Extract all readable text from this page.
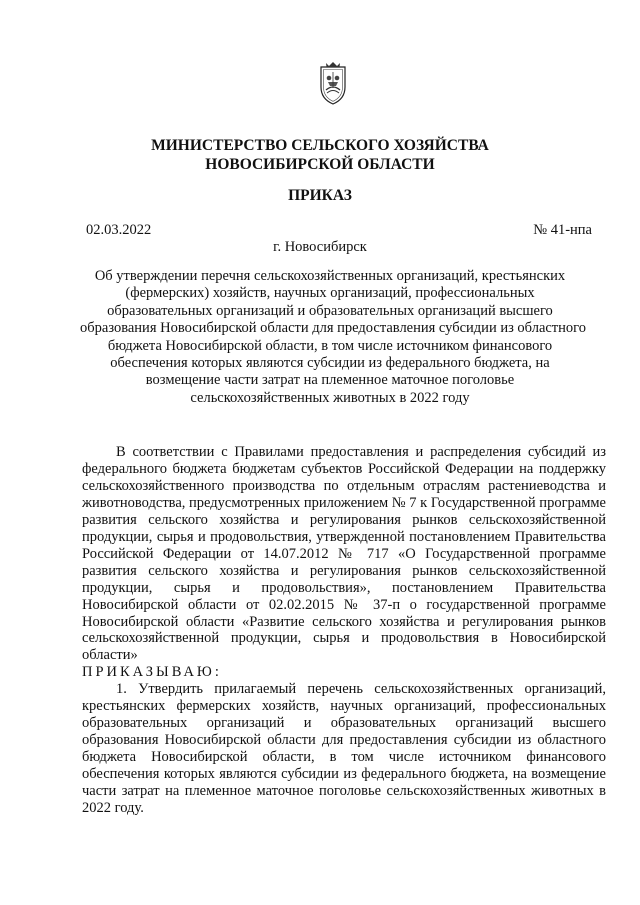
МИНИСТЕРСТВО СЕЛЬСКОГО ХОЗЯЙСТВА
НОВОСИБИРСКОЙ ОБЛАСТИ
ПРИКАЗ
02.03.2022	№ 41-нпа
г. Новосибирск
Об утверждении перечня сельскохозяйственных организаций, крестьянских
(фермерских) хозяйств, научных организаций, профессиональных
образовательных организаций и образовательных организаций высшего
образования Новосибирской области для предоставления субсидии из областного
бюджета Новосибирской области, в том числе источником финансового
обеспечения которых являются субсидии из федерального бюджета, на
возмещение части затрат на племенное маточное поголовье
сельскохозяйственных животных в 2022 году

В соответствии с Правилами предоставления и распределения субсидий из федерального бюджета бюджетам субъектов Российской Федерации на поддержку сельскохозяйственного производства по отдельным отраслям растениеводства и животноводства, предусмотренных приложением № 7 к Государственной программе развития сельского хозяйства и регулирования рынков сельскохозяйственной продукции, сырья и продовольствия, утвержденной постановлением Правительства Российской Федерации от 14.07.2012 № 717 «О Государственной программе развития сельского хозяйства и регулирования рынков сельскохозяйственной продукции, сырья и продовольствия», постановлением Правительства Новосибирской области от 02.02.2015 № 37-п о государственной программе Новосибирской области «Развитие сельского хозяйства и регулирования рынков сельскохозяйственной продукции, сырья и продовольствия в Новосибирской области»

ПРИКАЗЫВАЮ:

1. Утвердить прилагаемый перечень сельскохозяйственных организаций, крестьянских фермерских хозяйств, научных организаций, профессиональных образовательных организаций и образовательных организаций высшего образования Новосибирской области для предоставления субсидии из областного бюджета Новосибирской области, в том числе источником финансового обеспечения которых являются субсидии из федерального бюджета, на возмещение части затрат на племенное маточное поголовье сельскохозяйственных животных в 2022 году.
